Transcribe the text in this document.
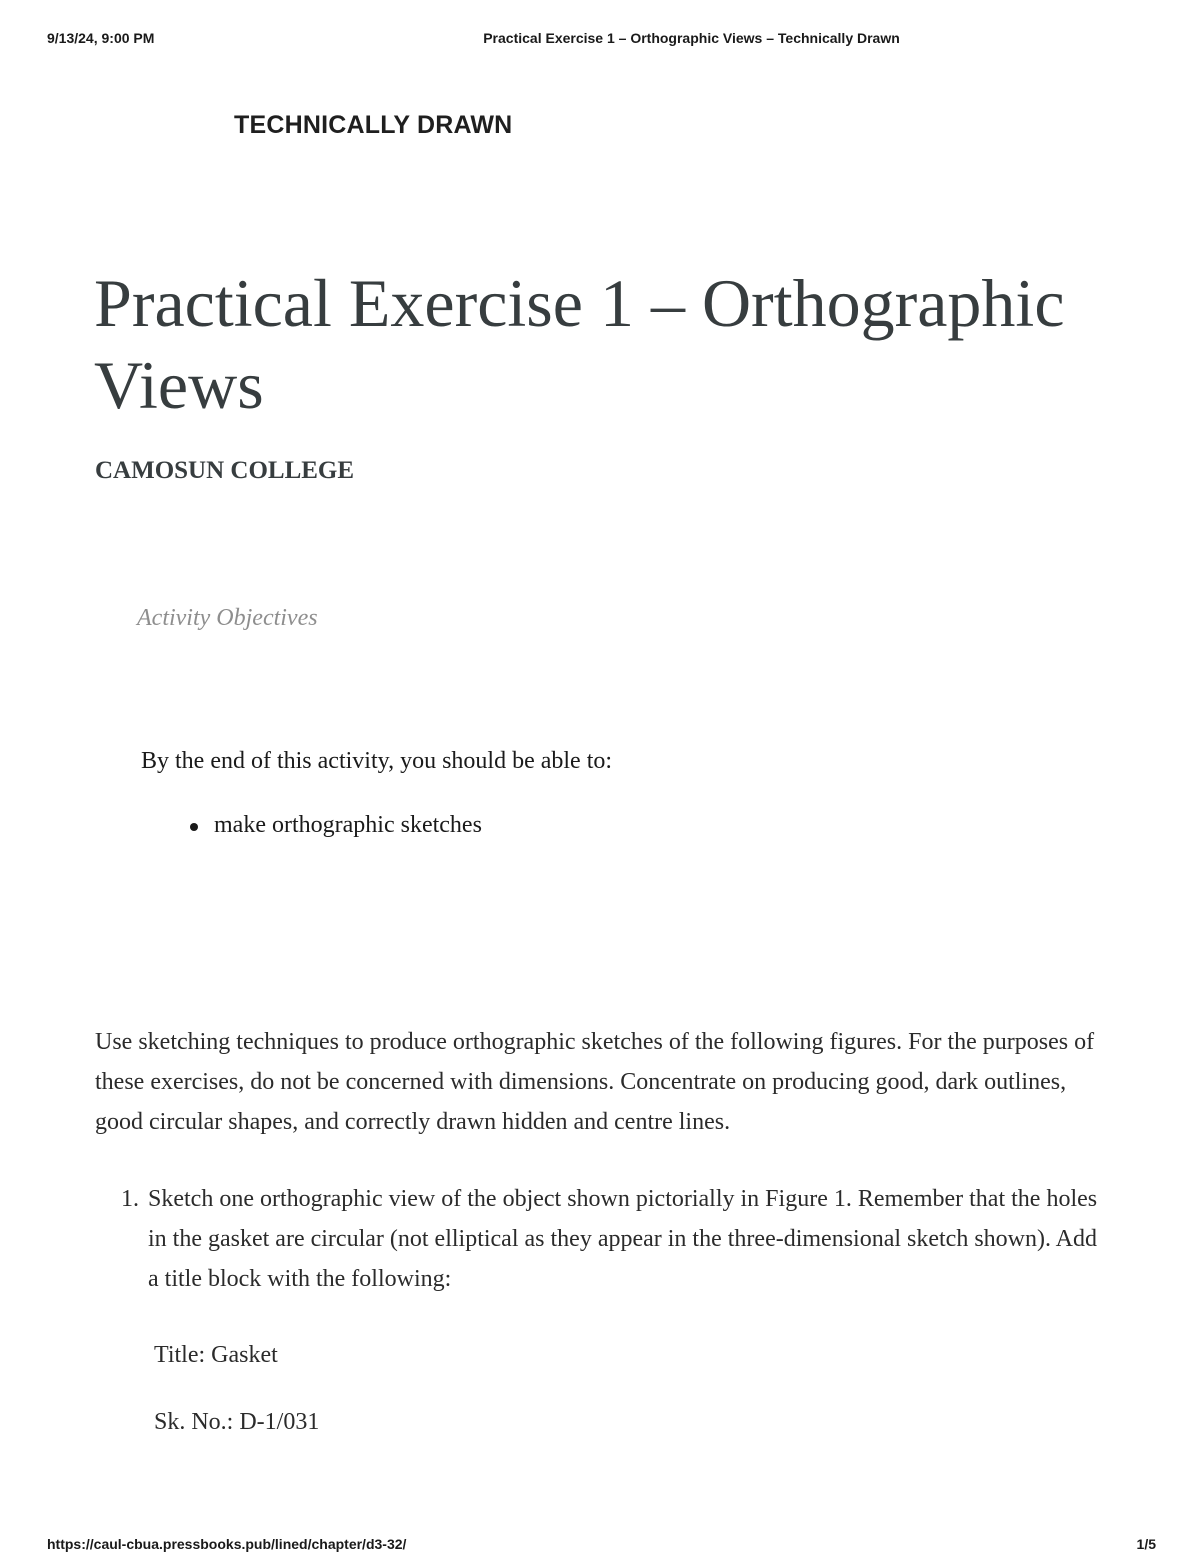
9/13/24, 9:00 PM	Practical Exercise 1 – Orthographic Views – Technically Drawn
TECHNICALLY DRAWN
Practical Exercise 1 – Orthographic Views
CAMOSUN COLLEGE
Activity Objectives
By the end of this activity, you should be able to:
make orthographic sketches

Use sketching techniques to produce orthographic sketches of the following figures. For the purposes of these exercises, do not be concerned with dimensions. Concentrate on producing good, dark outlines, good circular shapes, and correctly drawn hidden and centre lines.

1. Sketch one orthographic view of the object shown pictorially in Figure 1. Remember that the holes in the gasket are circular (not elliptical as they appear in the three-dimensional sketch shown). Add a title block with the following:
Title: Gasket
Sk. No.: D-1/031
https://caul-cbua.pressbooks.pub/lined/chapter/d3-32/	1/5
